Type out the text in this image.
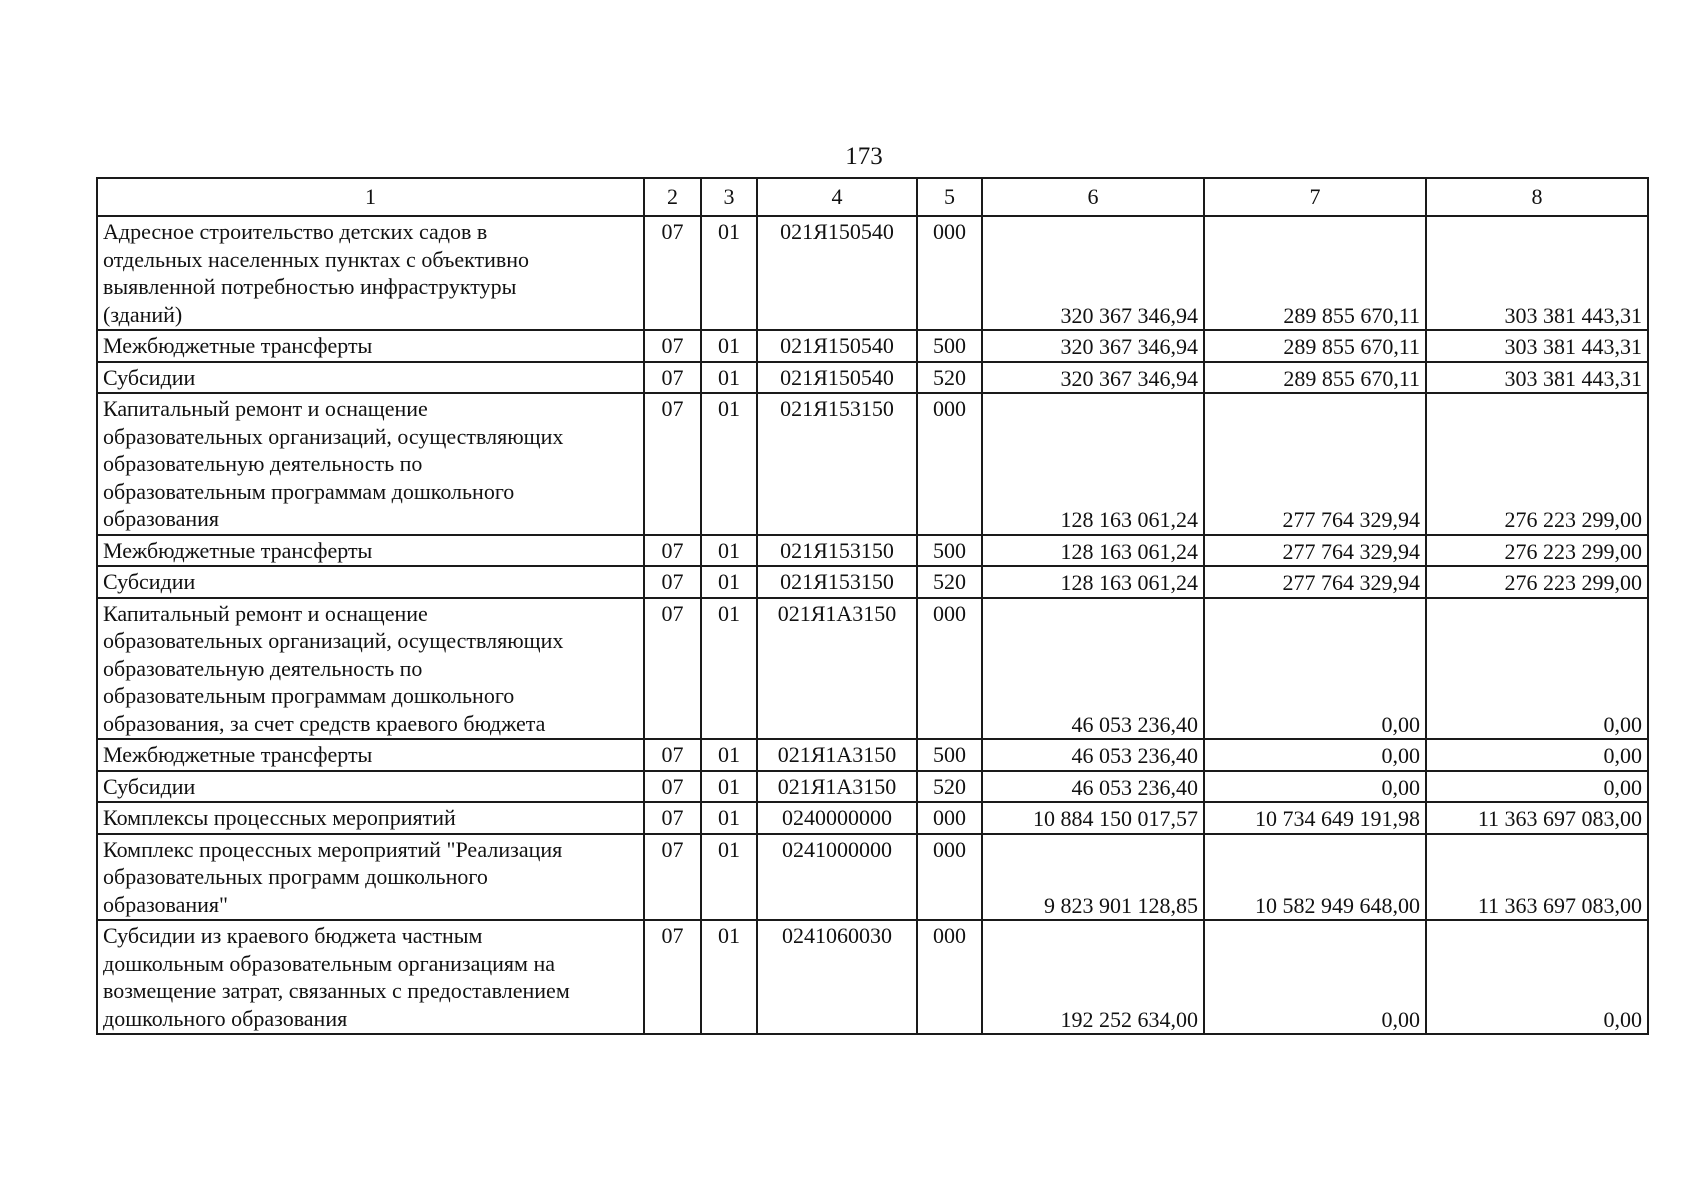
173
1	2	3	4	5	6	7	8

Адресное строительство детских садов в
отдельных населенных пунктах с объективно
выявленной потребностью инфраструктуры
(зданий)	07	01	021Я150540	000	320 367 346,94	289 855 670,11	303 381 443,31

Межбюджетные трансферты	07	01	021Я150540	500	320 367 346,94	289 855 670,11	303 381 443,31

Субсидии	07	01	021Я150540	520	320 367 346,94	289 855 670,11	303 381 443,31

Капитальный ремонт и оснащение
образовательных организаций, осуществляющих
образовательную деятельность по
образовательным программам дошкольного
образования	07	01	021Я153150	000	128 163 061,24	277 764 329,94	276 223 299,00

Межбюджетные трансферты	07	01	021Я153150	500	128 163 061,24	277 764 329,94	276 223 299,00

Субсидии	07	01	021Я153150	520	128 163 061,24	277 764 329,94	276 223 299,00

Капитальный ремонт и оснащение
образовательных организаций, осуществляющих
образовательную деятельность по
образовательным программам дошкольного
образования, за счет средств краевого бюджета	07	01	021Я1А3150	000	46 053 236,40	0,00	0,00

Межбюджетные трансферты	07	01	021Я1А3150	500	46 053 236,40	0,00	0,00

Субсидии	07	01	021Я1А3150	520	46 053 236,40	0,00	0,00

Комплексы процессных мероприятий	07	01	0240000000	000	10 884 150 017,57	10 734 649 191,98	11 363 697 083,00

Комплекс процессных мероприятий "Реализация
образовательных программ дошкольного
образования"	07	01	0241000000	000	9 823 901 128,85	10 582 949 648,00	11 363 697 083,00

Субсидии из краевого бюджета частным
дошкольным образовательным организациям на
возмещение затрат, связанных с предоставлением
дошкольного образования	07	01	0241060030	000	192 252 634,00	0,00	0,00
